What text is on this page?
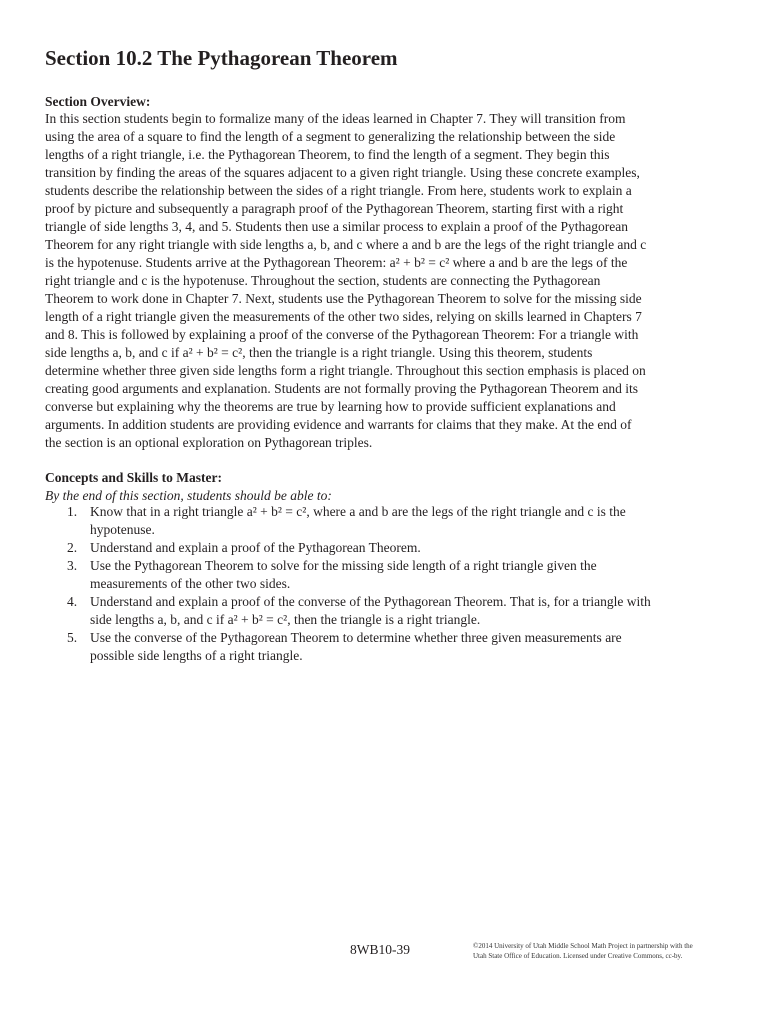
Section 10.2 The Pythagorean Theorem

Section Overview:

In this section students begin to formalize many of the ideas learned in Chapter 7. They will transition from

using the area of a square to find the length of a segment to generalizing the relationship between the side

lengths of a right triangle, i.e. the Pythagorean Theorem, to find the length of a segment. They begin this

transition by finding the areas of the squares adjacent to a given right triangle. Using these concrete examples,

students describe the relationship between the sides of a right triangle. From here, students work to explain a

proof by picture and subsequently a paragraph proof of the Pythagorean Theorem, starting first with a right

triangle of side lengths 3, 4, and 5. Students then use a similar process to explain a proof of the Pythagorean

Theorem for any right triangle with side lengths a, b, and c where a and b are the legs of the right triangle and c

is the hypotenuse. Students arrive at the Pythagorean Theorem: a² + b² = c² where a and b are the legs of the

right triangle and c is the hypotenuse. Throughout the section, students are connecting the Pythagorean

Theorem to work done in Chapter 7. Next, students use the Pythagorean Theorem to solve for the missing side

length of a right triangle given the measurements of the other two sides, relying on skills learned in Chapters 7

and 8. This is followed by explaining a proof of the converse of the Pythagorean Theorem: For a triangle with

side lengths a, b, and c if a² + b² = c², then the triangle is a right triangle. Using this theorem, students

determine whether three given side lengths form a right triangle. Throughout this section emphasis is placed on

creating good arguments and explanation. Students are not formally proving the Pythagorean Theorem and its

converse but explaining why the theorems are true by learning how to provide sufficient explanations and

arguments. In addition students are providing evidence and warrants for claims that they make. At the end of

the section is an optional exploration on Pythagorean triples.

Concepts and Skills to Master:

By the end of this section, students should be able to:

1. Know that in a right triangle a² + b² = c², where a and b are the legs of the right triangle and c is the
hypotenuse.
2. Understand and explain a proof of the Pythagorean Theorem.
3. Use the Pythagorean Theorem to solve for the missing side length of a right triangle given the
measurements of the other two sides.
4. Understand and explain a proof of the converse of the Pythagorean Theorem. That is, for a triangle with
side lengths a, b, and c if a² + b² = c², then the triangle is a right triangle.
5. Use the converse of the Pythagorean Theorem to determine whether three given measurements are
possible side lengths of a right triangle.

8WB10-39	©2014 University of Utah Middle School Math Project in partnership with the
Utah State Office of Education. Licensed under Creative Commons, cc-by.
